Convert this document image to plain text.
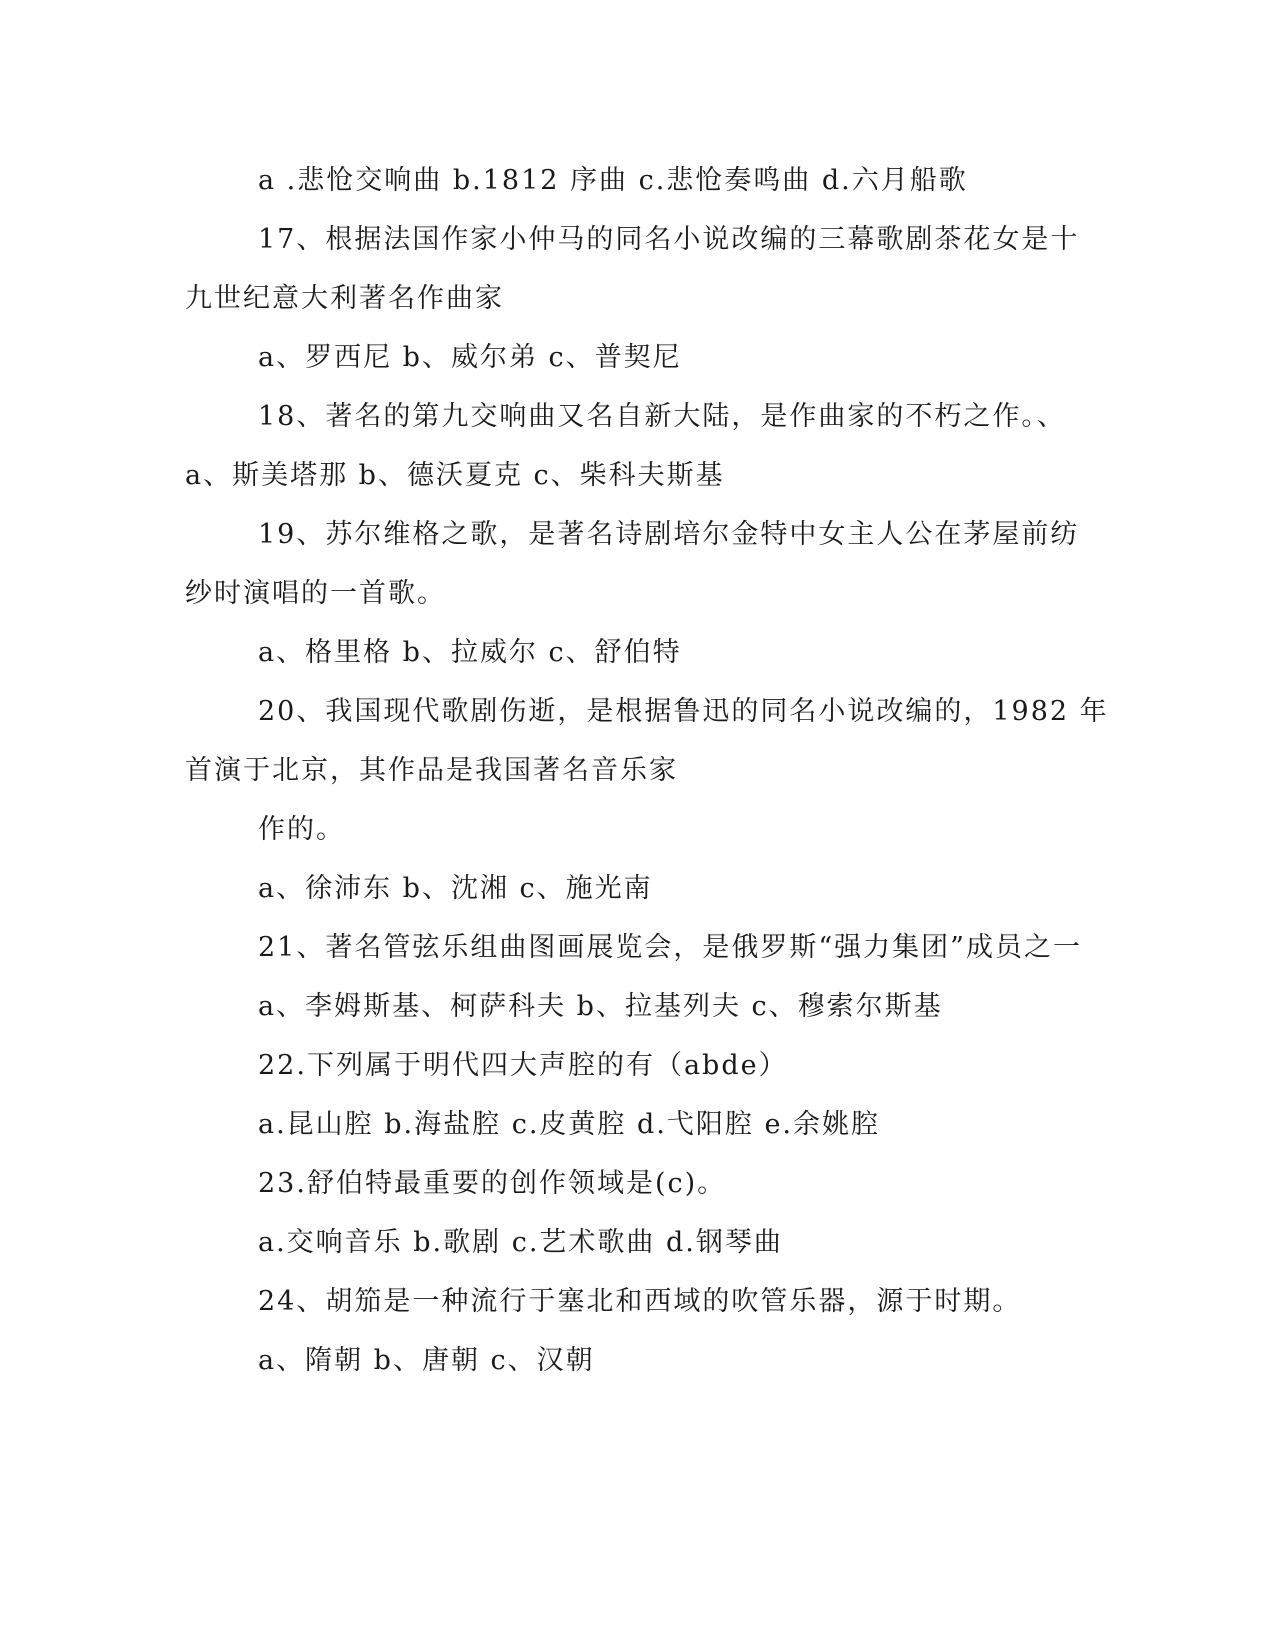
a .悲怆交响曲 b.1812 序曲 c.悲怆奏鸣曲 d.六月船歌
17、根据法国作家小仲马的同名小说改编的三幕歌剧茶花女是十
九世纪意大利著名作曲家
a、罗西尼 b、威尔弟 c、普契尼
18、著名的第九交响曲又名自新大陆，是作曲家的不朽之作。、
a、斯美塔那 b、德沃夏克 c、柴科夫斯基
19、苏尔维格之歌，是著名诗剧培尔金特中女主人公在茅屋前纺
纱时演唱的一首歌。
a、格里格 b、拉威尔 c、舒伯特
20、我国现代歌剧伤逝，是根据鲁迅的同名小说改编的，1982 年
首演于北京，其作品是我国著名音乐家
作的。
a、徐沛东 b、沈湘 c、施光南
21、著名管弦乐组曲图画展览会，是俄罗斯“强力集团”成员之一
a、李姆斯基、柯萨科夫 b、拉基列夫 c、穆索尔斯基
22.下列属于明代四大声腔的有（abde）
a.昆山腔 b.海盐腔 c.皮黄腔 d.弋阳腔 e.余姚腔
23.舒伯特最重要的创作领域是(c)。
a.交响音乐 b.歌剧 c.艺术歌曲 d.钢琴曲
24、胡笳是一种流行于塞北和西域的吹管乐器，源于时期。
a、隋朝 b、唐朝 c、汉朝
